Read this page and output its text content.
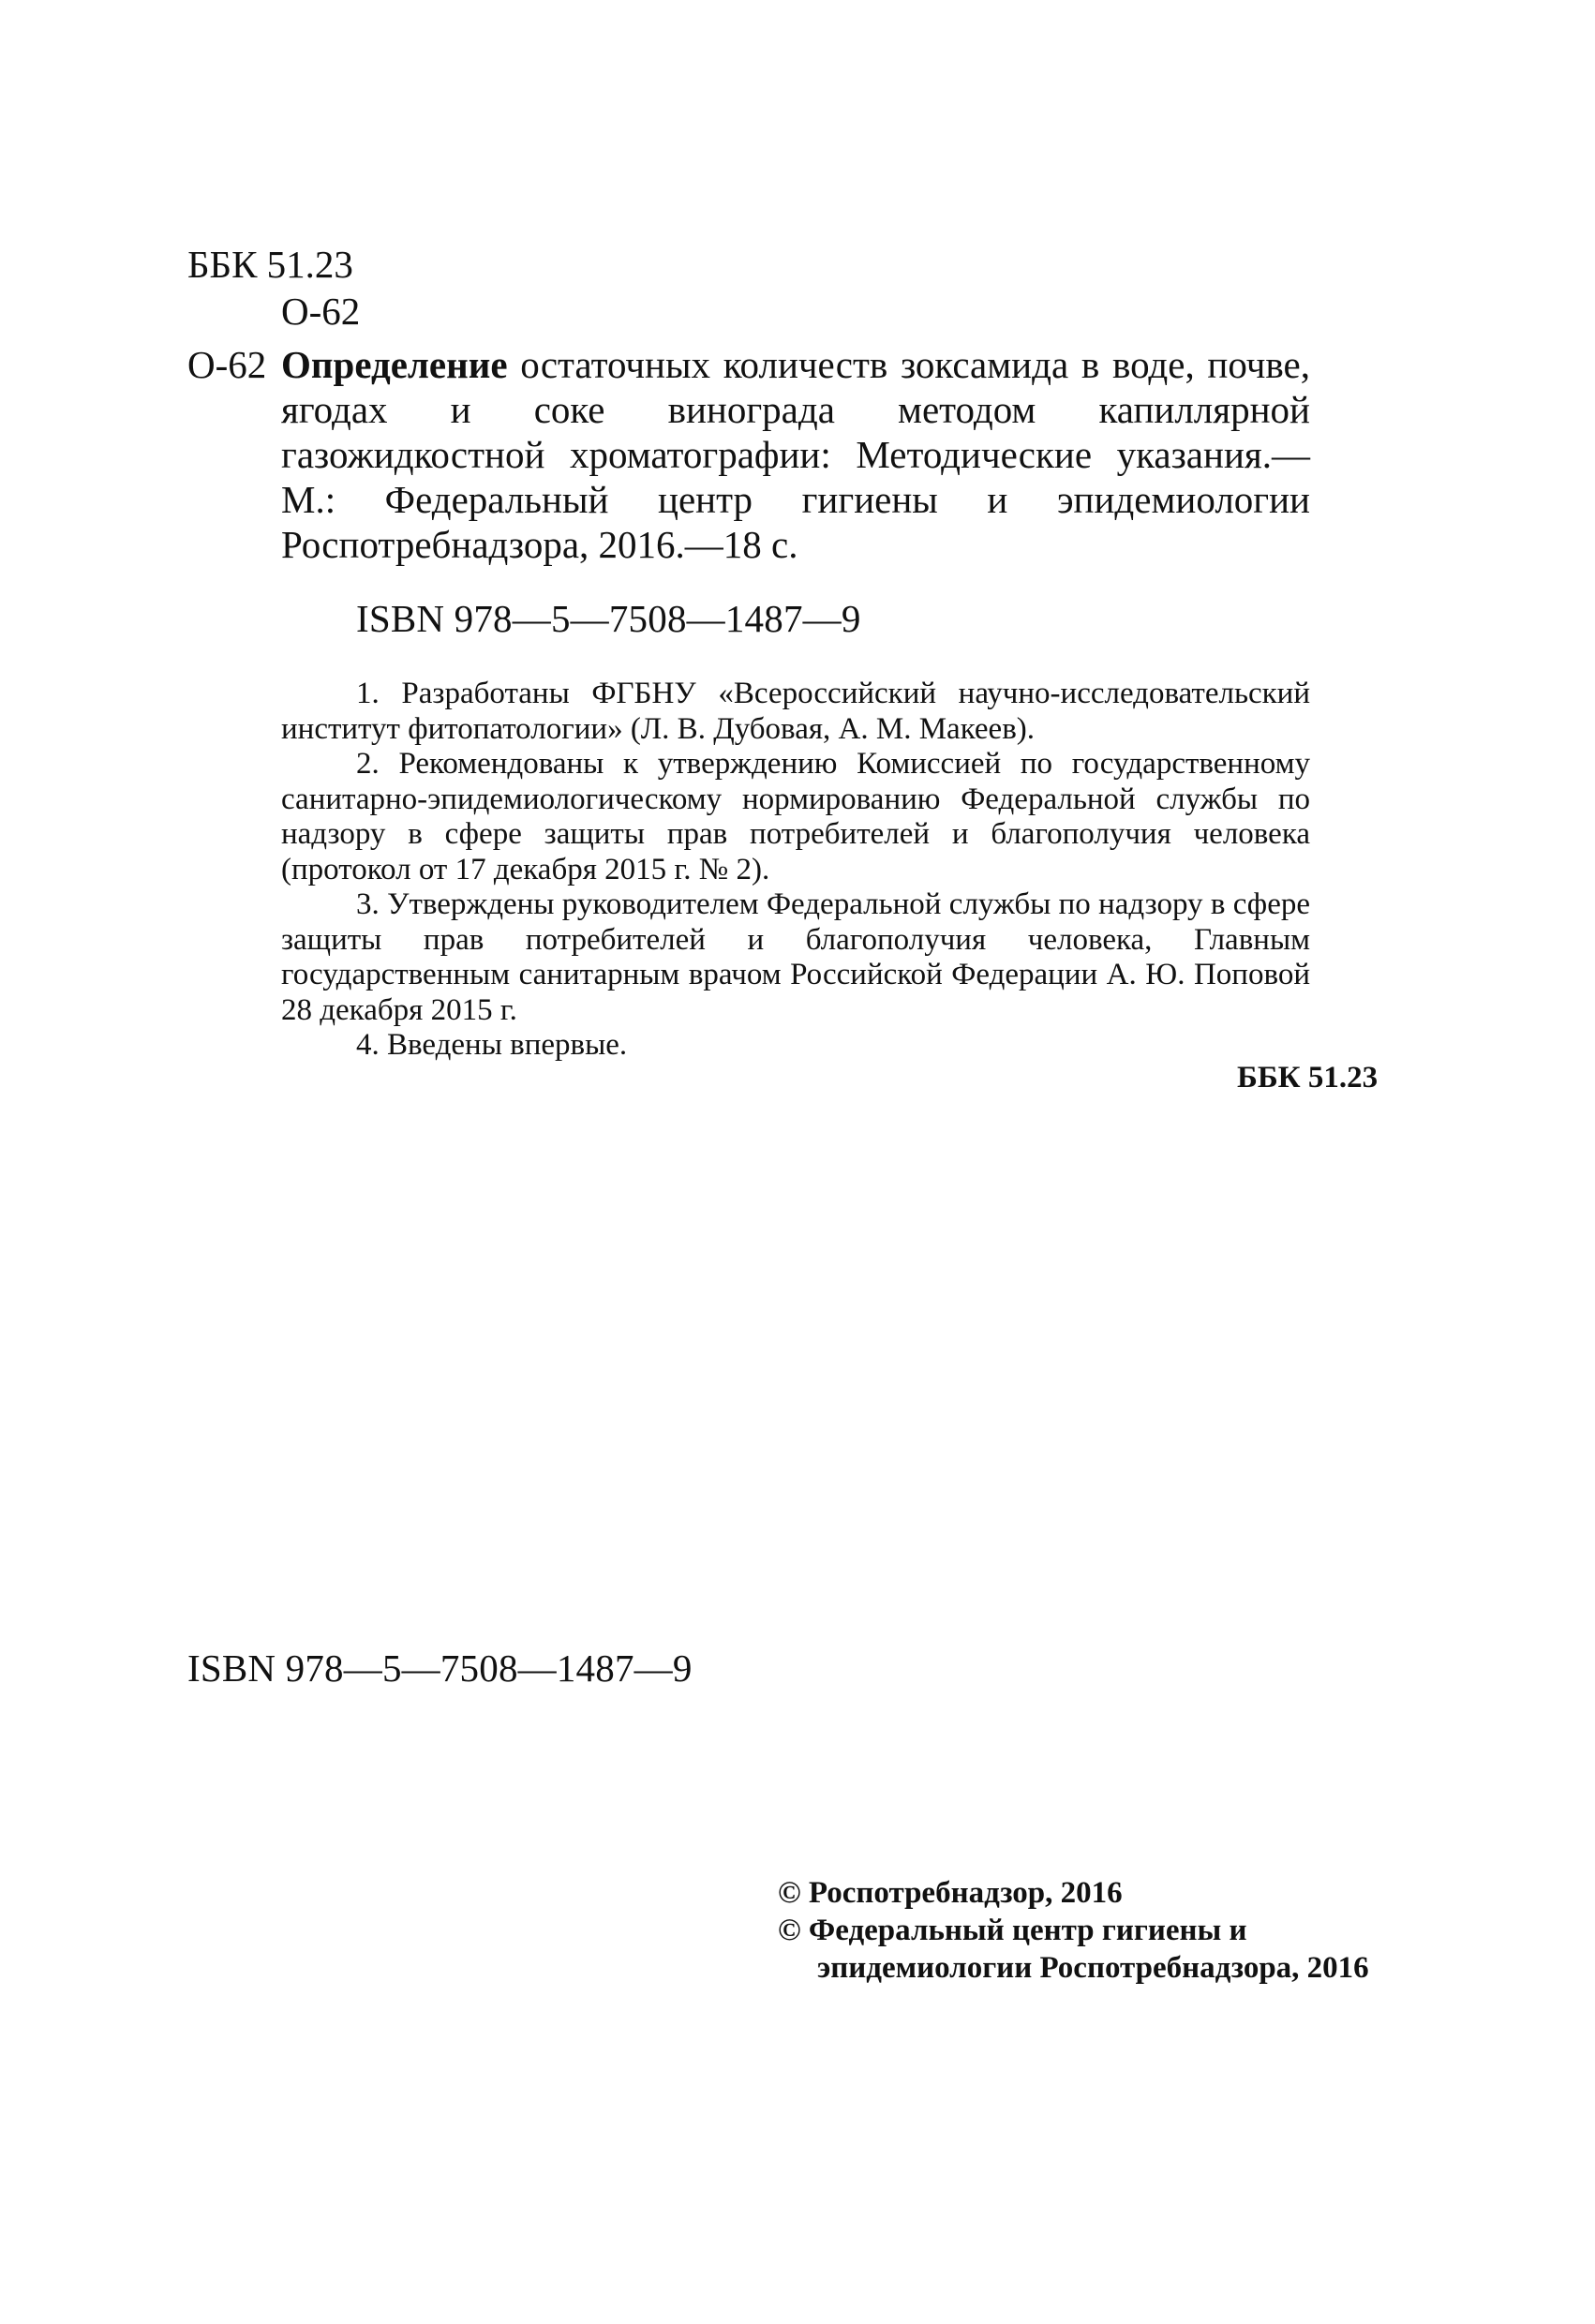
ББК 51.23
О-62
О-62 Определение остаточных количеств зоксамида в воде, почве, ягодах и соке винограда методом капиллярной газожидкостной хроматографии: Методические указания.—М.: Федеральный центр гигиены и эпидемиологии Роспотребнадзора, 2016.—18 с.
ISBN 978—5—7508—1487—9

1. Разработаны ФГБНУ «Всероссийский научно-исследовательский институт фитопатологии» (Л. В. Дубовая, А. М. Макеев).

2. Рекомендованы к утверждению Комиссией по государственному санитарно-эпидемиологическому нормированию Федеральной службы по надзору в сфере защиты прав потребителей и благополучия человека (протокол от 17 декабря 2015 г. № 2).

3. Утверждены руководителем Федеральной службы по надзору в сфере защиты прав потребителей и благополучия человека, Главным государственным санитарным врачом Российской Федерации А. Ю. Поповой 28 декабря 2015 г.

4. Введены впервые.

ББК 51.23
ISBN 978—5—7508—1487—9
© Роспотребнадзор, 2016
© Федеральный центр гигиены и
эпидемиологии Роспотребнадзора, 2016
